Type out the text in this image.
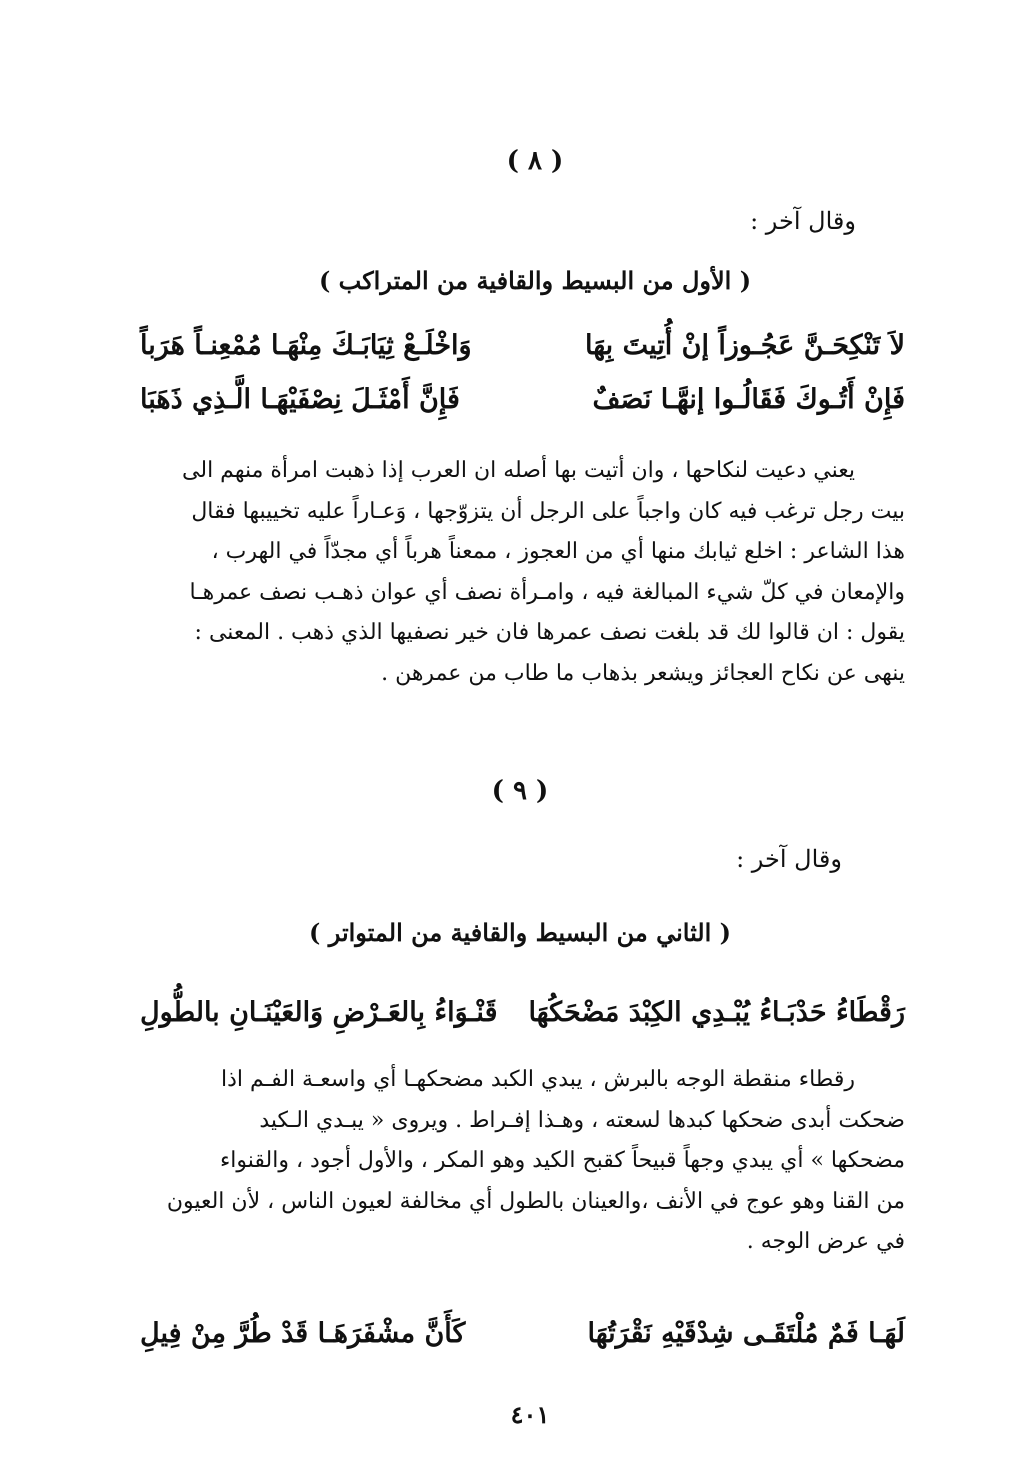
( ٨ )
وقال آخر :
( الأول من البسيط والقافية من المتراكب )
لاَ تَنْكِحَـنَّ عَجُـوزاً إنْ أُتِيتَ بِهَا
وَاخْلَـعْ ثِيَابَـكَ مِنْهَـا مُمْعِنـاً هَرَباً
فَإِنْ أَتُـوكَ فَقَالُـوا إنهَّـا نَصَفٌ
فَإِنَّ أَمْثَـلَ نِصْفَيْهَـا الَّـذِي ذَهَبَا
يعني دعيت لنكاحها ، وان أتيت بها أصله ان العرب إذا ذهبت امرأة منهم الى
بيت رجل ترغب فيه كان واجباً على الرجل أن يتزوّجها ، وَعـاراً عليه تخييبها فقال
هذا الشاعر : اخلع ثيابك منها أي من العجوز ، ممعناً هرباً أي مجدّاً في الهرب ،
والإمعان في كلّ شيء المبالغة فيه ، وامـرأة نصف أي عوان ذهـب نصف عمرهـا
يقول : ان قالوا لك قد بلغت نصف عمرها فان خير نصفيها الذي ذهب . المعنى :
ينهى عن نكاح العجائز ويشعر بذهاب ما طاب من عمرهن .
( ٩ )
وقال آخر :
( الثاني من البسيط والقافية من المتواتر )
رَقْطَاءُ حَدْبَـاءُ يُبْـدِي الكِبْدَ مَضْحَكُهَا
قَنْـوَاءُ بِالعَـرْضِ وَالعَيْنَـانِ بالطُّولِ
رقطاء منقطة الوجه بالبرش ، يبدي الكبد مضحكهـا أي واسعـة الفـم اذا
ضحكت أبدى ضحكها كبدها لسعته ، وهـذا إفـراط . ويروى « يبـدي الـكيد
مضحكها » أي يبدي وجهاً قبيحاً كقبح الكيد وهو المكر ، والأول أجود ، والقنواء
من القنا وهو عوج في الأنف ،والعينان بالطول أي مخالفة لعيون الناس ، لأن العيون
في عرض الوجه .
لَهَـا فَمٌ مُلْتَقَـى شِدْقَيْهِ نَقْرَتُهَا
كَأَنَّ مشْفَرَهَـا قَدْ طُرَّ مِنْ فِيلِ
٤٠١
